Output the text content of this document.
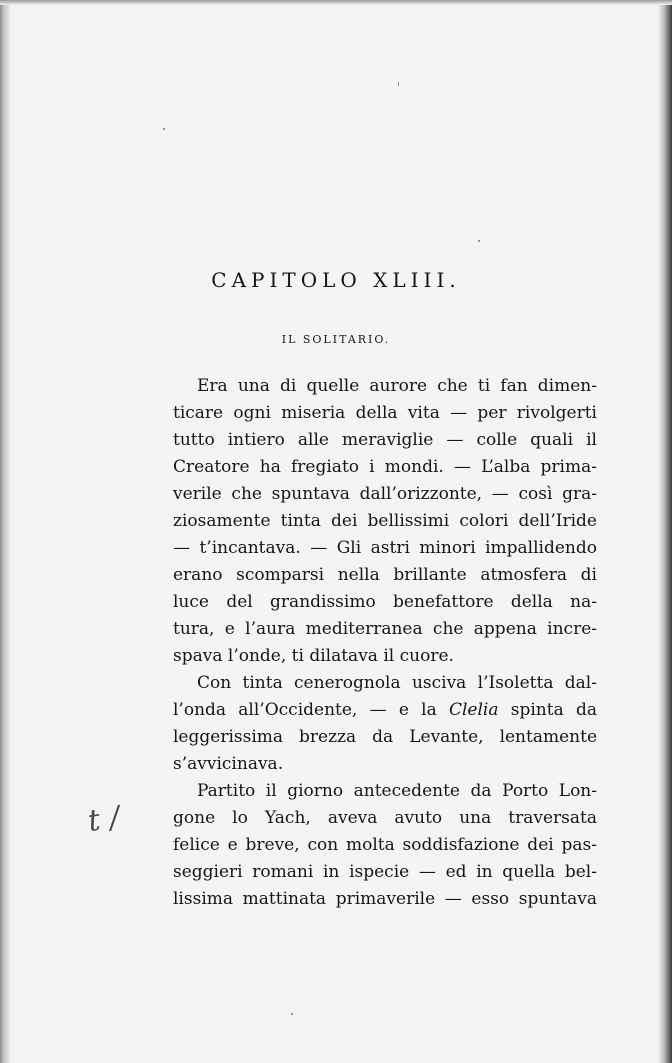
CAPITOLO XLIII.
IL SOLITARIO.
Era una di quelle aurore che ti fan dimen-
ticare ogni miseria della vita — per rivolgerti
tutto intiero alle meraviglie — colle quali il
Creatore ha fregiato i mondi. — L’alba prima-
verile che spuntava dall’orizzonte, — così gra-
ziosamente tinta dei bellissimi colori dell’Iride
— t’incantava. — Gli astri minori impallidendo
erano scomparsi nella brillante atmosfera di
luce del grandissimo benefattore della na-
tura, e l’aura mediterranea che appena incre-
spava l’onde, ti dilatava il cuore.
Con tinta cenerognola usciva l’Isoletta dal-
l’onda all’Occidente, — e la Clelia spinta da
leggerissima brezza da Levante, lentamente
s’avvicinava.
Partito il giorno antecedente da Porto Lon-
gone lo Yach, aveva avuto una traversata
felice e breve, con molta soddisfazione dei pas-
seggieri romani in ispecie — ed in quella bel-
lissima mattinata primaverile — esso spuntava
t /
